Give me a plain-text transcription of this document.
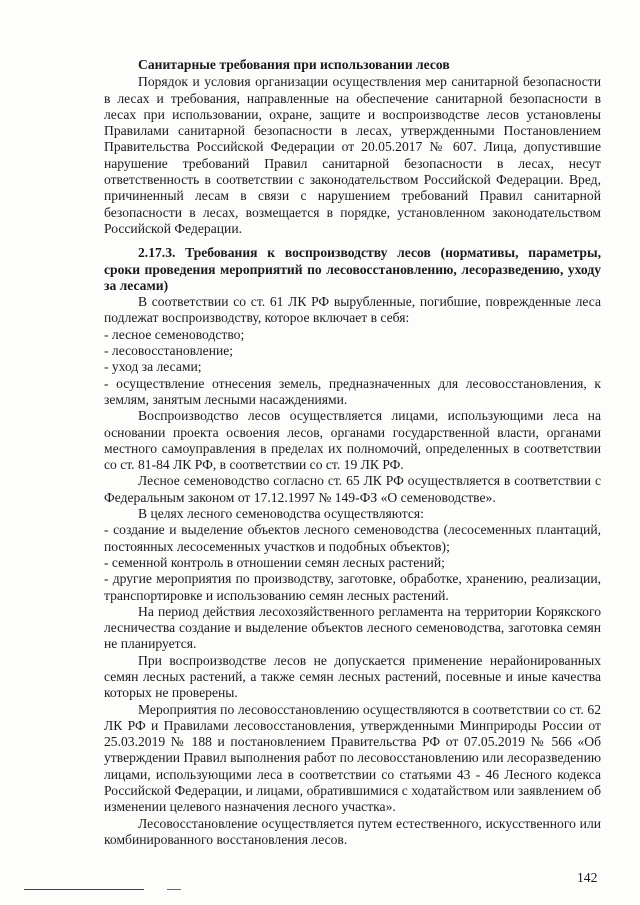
Санитарные требования при использовании лесов

Порядок и условия организации осуществления мер санитарной безопасности в лесах и требования, направленные на обеспечение санитарной безопасности в лесах при использовании, охране, защите и воспроизводстве лесов установлены Правилами санитарной безопасности в лесах, утвержденными Постановлением Правительства Российской Федерации от 20.05.2017 № 607. Лица, допустившие нарушение требований Правил санитарной безопасности в лесах, несут ответственность в соответствии с законодательством Российской Федерации. Вред, причиненный лесам в связи с нарушением требований Правил санитарной безопасности в лесах, возмещается в порядке, установленном законодательством Российской Федерации.

2.17.3. Требования к воспроизводству лесов (нормативы, параметры, сроки проведения мероприятий по лесовосстановлению, лесоразведению, уходу за лесами)

В соответствии со ст. 61 ЛК РФ вырубленные, погибшие, поврежденные леса подлежат воспроизводству, которое включает в себя:

- лесное семеноводство;

- лесовосстановление;

- уход за лесами;

- осуществление отнесения земель, предназначенных для лесовосстановления, к землям, занятым лесными насаждениями.

Воспроизводство лесов осуществляется лицами, использующими леса на основании проекта освоения лесов, органами государственной власти, органами местного самоуправления в пределах их полномочий, определенных в соответствии со ст. 81-84 ЛК РФ, в соответствии со ст. 19 ЛК РФ.

Лесное семеноводство согласно ст. 65 ЛК РФ осуществляется в соответствии с Федеральным законом от 17.12.1997 № 149-ФЗ «О семеноводстве».

В целях лесного семеноводства осуществляются:

- создание и выделение объектов лесного семеноводства (лесосеменных плантаций, постоянных лесосеменных участков и подобных объектов);

- семенной контроль в отношении семян лесных растений;

- другие мероприятия по производству, заготовке, обработке, хранению, реализации, транспортировке и использованию семян лесных растений.

На период действия лесохозяйственного регламента на территории Корякского лесничества создание и выделение объектов лесного семеноводства, заготовка семян не планируется.

При воспроизводстве лесов не допускается применение нерайонированных семян лесных растений, а также семян лесных растений, посевные и иные качества которых не проверены.

Мероприятия по лесовосстановлению осуществляются в соответствии со ст. 62 ЛК РФ и Правилами лесовосстановления, утвержденными Минприроды России от 25.03.2019 № 188 и постановлением Правительства РФ от 07.05.2019 № 566 «Об утверждении Правил выполнения работ по лесовосстановлению или лесоразведению лицами, использующими леса в соответствии со статьями 43 - 46 Лесного кодекса Российской Федерации, и лицами, обратившимися с ходатайством или заявлением об изменении целевого назначения лесного участка».

Лесовосстановление осуществляется путем естественного, искусственного или комбинированного восстановления лесов.

142
